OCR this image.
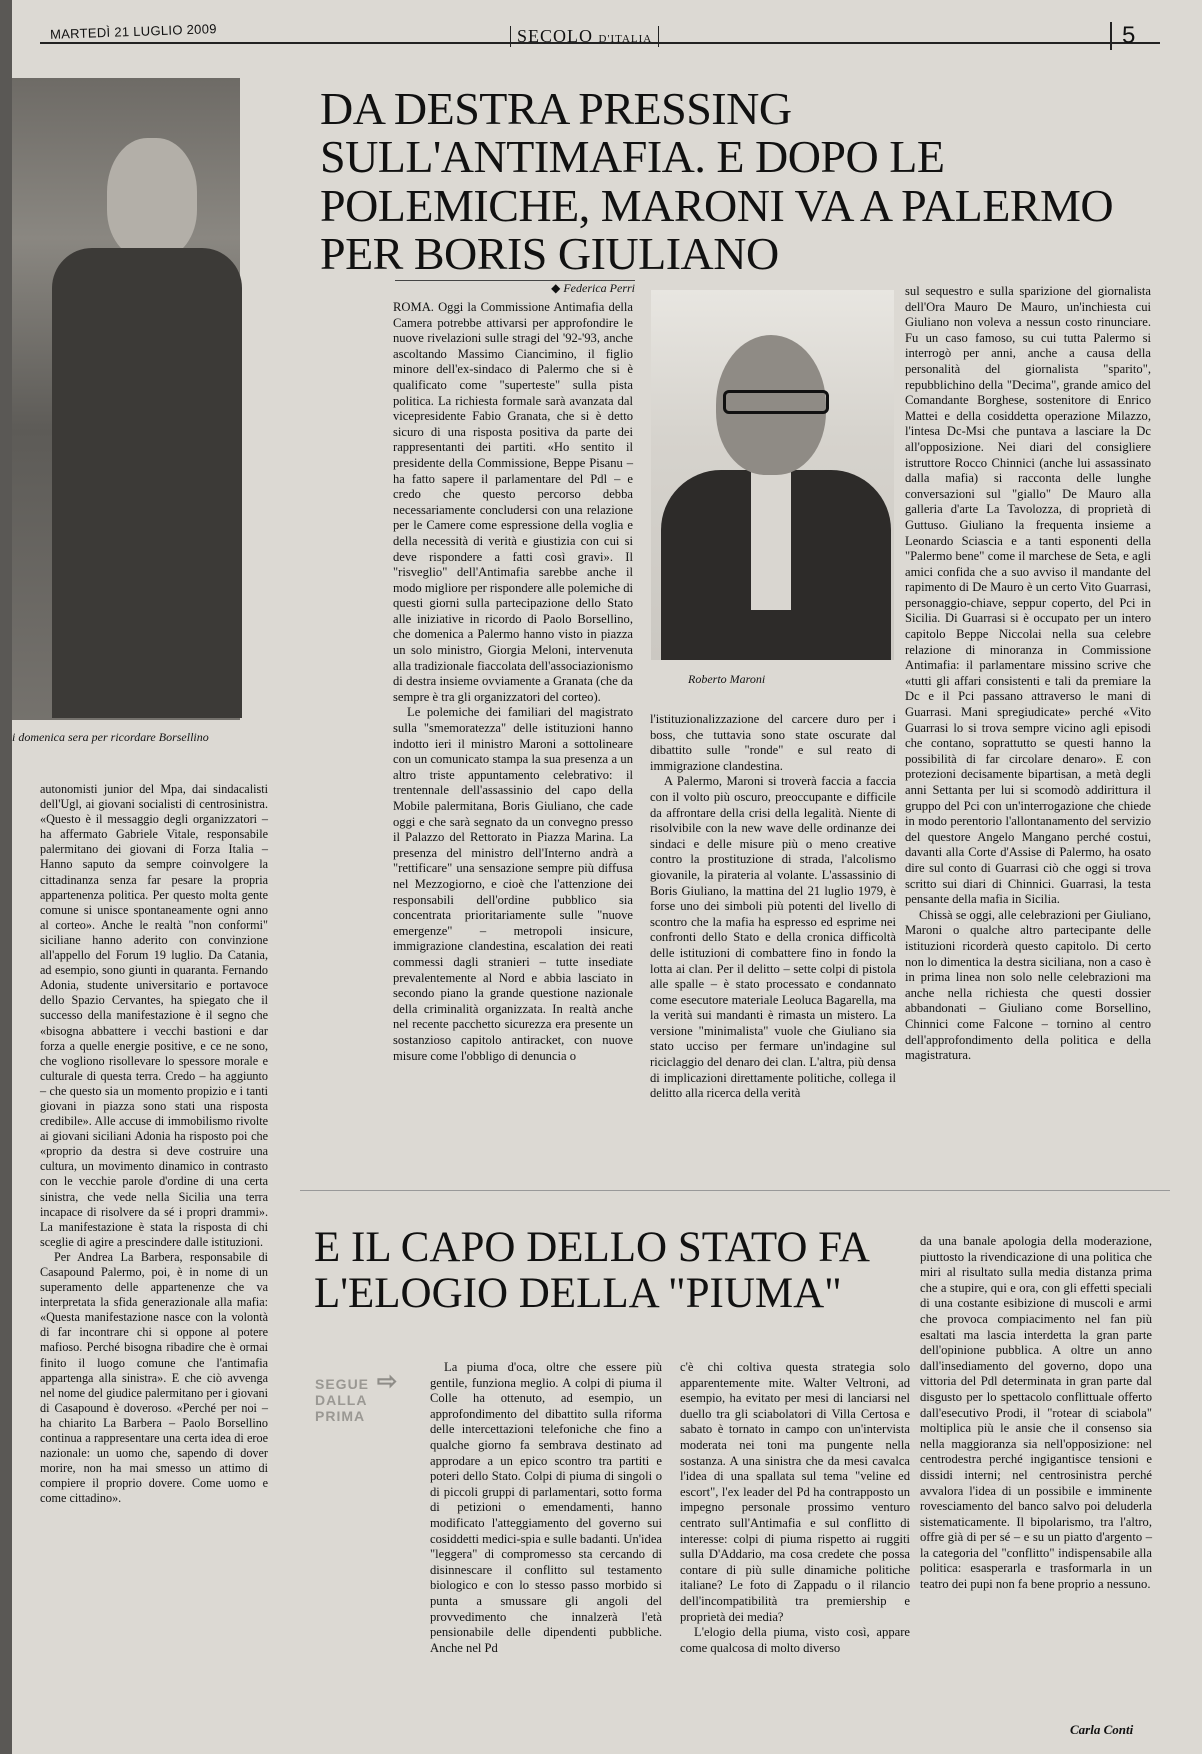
MARTEDÌ 21 LUGLIO 2009	SECOLO D'ITALIA	5
i domenica sera per ricordare Borsellino

autonomisti junior del Mpa, dai sindacalisti dell'Ugl, ai giovani socialisti di centrosinistra. «Questo è il messaggio degli organizzatori – ha affermato Gabriele Vitale, responsabile palermitano dei giovani di Forza Italia – Hanno saputo da sempre coinvolgere la cittadinanza senza far pesare la propria appartenenza politica. Per questo molta gente comune si unisce spontaneamente ogni anno al corteo». Anche le realtà "non conformi" siciliane hanno aderito con convinzione all'appello del Forum 19 luglio. Da Catania, ad esempio, sono giunti in quaranta. Fernando Adonia, studente universitario e portavoce dello Spazio Cervantes, ha spiegato che il successo della manifestazione è il segno che «bisogna abbattere i vecchi bastioni e dar forza a quelle energie positive, e ce ne sono, che vogliono risollevare lo spessore morale e culturale di questa terra. Credo – ha aggiunto – che questo sia un momento propizio e i tanti giovani in piazza sono stati una risposta credibile». Alle accuse di immobilismo rivolte ai giovani siciliani Adonia ha risposto poi che «proprio da destra si deve costruire una cultura, un movimento dinamico in contrasto con le vecchie parole d'ordine di una certa sinistra, che vede nella Sicilia una terra incapace di risolvere da sé i propri drammi». La manifestazione è stata la risposta di chi sceglie di agire a prescindere dalle istituzioni.

Per Andrea La Barbera, responsabile di Casapound Palermo, poi, è in nome di un superamento delle appartenenze che va interpretata la sfida generazionale alla mafia: «Questa manifestazione nasce con la volontà di far incontrare chi si oppone al potere mafioso. Perché bisogna ribadire che è ormai finito il luogo comune che l'antimafia appartenga alla sinistra». E che ciò avvenga nel nome del giudice palermitano per i giovani di Casapound è doveroso. «Perché per noi – ha chiarito La Barbera – Paolo Borsellino continua a rappresentare una certa idea di eroe nazionale: un uomo che, sapendo di dover morire, non ha mai smesso un attimo di compiere il proprio dovere. Come uomo e come cittadino».

DA DESTRA PRESSING SULL'ANTIMAFIA. E DOPO LE POLEMICHE, MARONI VA A PALERMO PER BORIS GIULIANO
◆ Federica Perri

ROMA. Oggi la Commissione Antimafia della Camera potrebbe attivarsi per approfondire le nuove rivelazioni sulle stragi del '92-'93, anche ascoltando Massimo Ciancimino, il figlio minore dell'ex-sindaco di Palermo che si è qualificato come "superteste" sulla pista politica. La richiesta formale sarà avanzata dal vicepresidente Fabio Granata, che si è detto sicuro di una risposta positiva da parte dei rappresentanti dei partiti. «Ho sentito il presidente della Commissione, Beppe Pisanu – ha fatto sapere il parlamentare del Pdl – e credo che questo percorso debba necessariamente concludersi con una relazione per le Camere come espressione della voglia e della necessità di verità e giustizia con cui si deve rispondere a fatti così gravi». Il "risveglio" dell'Antimafia sarebbe anche il modo migliore per rispondere alle polemiche di questi giorni sulla partecipazione dello Stato alle iniziative in ricordo di Paolo Borsellino, che domenica a Palermo hanno visto in piazza un solo ministro, Giorgia Meloni, intervenuta alla tradizionale fiaccolata dell'associazionismo di destra insieme ovviamente a Granata (che da sempre è tra gli organizzatori del corteo).

Le polemiche dei familiari del magistrato sulla "smemoratezza" delle istituzioni hanno indotto ieri il ministro Maroni a sottolineare con un comunicato stampa la sua presenza a un altro triste appuntamento celebrativo: il trentennale dell'assassinio del capo della Mobile palermitana, Boris Giuliano, che cade oggi e che sarà segnato da un convegno presso il Palazzo del Rettorato in Piazza Marina. La presenza del ministro dell'Interno andrà a "rettificare" una sensazione sempre più diffusa nel Mezzogiorno, e cioè che l'attenzione dei responsabili dell'ordine pubblico sia concentrata prioritariamente sulle "nuove emergenze" – metropoli insicure, immigrazione clandestina, escalation dei reati commessi dagli stranieri – tutte insediate prevalentemente al Nord e abbia lasciato in secondo piano la grande questione nazionale della criminalità organizzata. In realtà anche nel recente pacchetto sicurezza era presente un sostanzioso capitolo antiracket, con nuove misure come l'obbligo di denuncia o

Roberto Maroni

l'istituzionalizzazione del carcere duro per i boss, che tuttavia sono state oscurate dal dibattito sulle "ronde" e sul reato di immigrazione clandestina.

A Palermo, Maroni si troverà faccia a faccia con il volto più oscuro, preoccupante e difficile da affrontare della crisi della legalità. Niente di risolvibile con la new wave delle ordinanze dei sindaci e delle misure più o meno creative contro la prostituzione di strada, l'alcolismo giovanile, la pirateria al volante. L'assassinio di Boris Giuliano, la mattina del 21 luglio 1979, è forse uno dei simboli più potenti del livello di scontro che la mafia ha espresso ed esprime nei confronti dello Stato e della cronica difficoltà delle istituzioni di combattere fino in fondo la lotta ai clan. Per il delitto – sette colpi di pistola alle spalle – è stato processato e condannato come esecutore materiale Leoluca Bagarella, ma la verità sui mandanti è rimasta un mistero. La versione "minimalista" vuole che Giuliano sia stato ucciso per fermare un'indagine sul riciclaggio del denaro dei clan. L'altra, più densa di implicazioni direttamente politiche, collega il delitto alla ricerca della verità

sul sequestro e sulla sparizione del giornalista dell'Ora Mauro De Mauro, un'inchiesta cui Giuliano non voleva a nessun costo rinunciare. Fu un caso famoso, su cui tutta Palermo si interrogò per anni, anche a causa della personalità del giornalista "sparito", repubblichino della "Decima", grande amico del Comandante Borghese, sostenitore di Enrico Mattei e della cosiddetta operazione Milazzo, l'intesa Dc-Msi che puntava a lasciare la Dc all'opposizione. Nei diari del consigliere istruttore Rocco Chinnici (anche lui assassinato dalla mafia) si racconta delle lunghe conversazioni sul "giallo" De Mauro alla galleria d'arte La Tavolozza, di proprietà di Guttuso. Giuliano la frequenta insieme a Leonardo Sciascia e a tanti esponenti della "Palermo bene" come il marchese de Seta, e agli amici confida che a suo avviso il mandante del rapimento di De Mauro è un certo Vito Guarrasi, personaggio-chiave, seppur coperto, del Pci in Sicilia. Di Guarrasi si è occupato per un intero capitolo Beppe Niccolai nella sua celebre relazione di minoranza in Commissione Antimafia: il parlamentare missino scrive che «tutti gli affari consistenti e tali da premiare la Dc e il Pci passano attraverso le mani di Guarrasi. Mani spregiudicate» perché «Vito Guarrasi lo si trova sempre vicino agli episodi che contano, soprattutto se questi hanno la possibilità di far circolare denaro». E con protezioni decisamente bipartisan, a metà degli anni Settanta per lui si scomodò addirittura il gruppo del Pci con un'interrogazione che chiede in modo perentorio l'allontanamento del servizio del questore Angelo Mangano perché costui, davanti alla Corte d'Assise di Palermo, ha osato dire sul conto di Guarrasi ciò che oggi si trova scritto sui diari di Chinnici. Guarrasi, la testa pensante della mafia in Sicilia.

Chissà se oggi, alle celebrazioni per Giuliano, Maroni o qualche altro partecipante delle istituzioni ricorderà questo capitolo. Di certo non lo dimentica la destra siciliana, non a caso è in prima linea non solo nelle celebrazioni ma anche nella richiesta che questi dossier abbandonati – Giuliano come Borsellino, Chinnici come Falcone – tornino al centro dell'approfondimento della politica e della magistratura.

E IL CAPO DELLO STATO FA L'ELOGIO DELLA "PIUMA"
SEGUE DALLA PRIMA
⇨

La piuma d'oca, oltre che essere più gentile, funziona meglio. A colpi di piuma il Colle ha ottenuto, ad esempio, un approfondimento del dibattito sulla riforma delle intercettazioni telefoniche che fino a qualche giorno fa sembrava destinato ad approdare a un epico scontro tra partiti e poteri dello Stato. Colpi di piuma di singoli o di piccoli gruppi di parlamentari, sotto forma di petizioni o emendamenti, hanno modificato l'atteggiamento del governo sui cosiddetti medici-spia e sulle badanti. Un'idea "leggera" di compromesso sta cercando di disinnescare il conflitto sul testamento biologico e con lo stesso passo morbido si punta a smussare gli angoli del provvedimento che innalzerà l'età pensionabile delle dipendenti pubbliche. Anche nel Pd

c'è chi coltiva questa strategia solo apparentemente mite. Walter Veltroni, ad esempio, ha evitato per mesi di lanciarsi nel duello tra gli sciabolatori di Villa Certosa e sabato è tornato in campo con un'intervista moderata nei toni ma pungente nella sostanza. A una sinistra che da mesi cavalca l'idea di una spallata sul tema "veline ed escort", l'ex leader del Pd ha contrapposto un impegno personale prossimo venturo centrato sull'Antimafia e sul conflitto di interesse: colpi di piuma rispetto ai ruggiti sulla D'Addario, ma cosa credete che possa contare di più sulle dinamiche politiche italiane? Le foto di Zappadu o il rilancio dell'incompatibilità tra premiership e proprietà dei media?

L'elogio della piuma, visto così, appare come qualcosa di molto diverso

da una banale apologia della moderazione, piuttosto la rivendicazione di una politica che miri al risultato sulla media distanza prima che a stupire, qui e ora, con gli effetti speciali di una costante esibizione di muscoli e armi che provoca compiacimento nel fan più esaltati ma lascia interdetta la gran parte dell'opinione pubblica. A oltre un anno dall'insediamento del governo, dopo una vittoria del Pdl determinata in gran parte dal disgusto per lo spettacolo conflittuale offerto dall'esecutivo Prodi, il "rotear di sciabola" moltiplica più le ansie che il consenso sia nella maggioranza sia nell'opposizione: nel centrodestra perché ingigantisce tensioni e dissidi interni; nel centrosinistra perché avvalora l'idea di un possibile e imminente rovesciamento del banco salvo poi deluderla sistematicamente. Il bipolarismo, tra l'altro, offre già di per sé – e su un piatto d'argento – la categoria del "conflitto" indispensabile alla politica: esasperarla e trasformarla in un teatro dei pupi non fa bene proprio a nessuno.

Carla Conti
